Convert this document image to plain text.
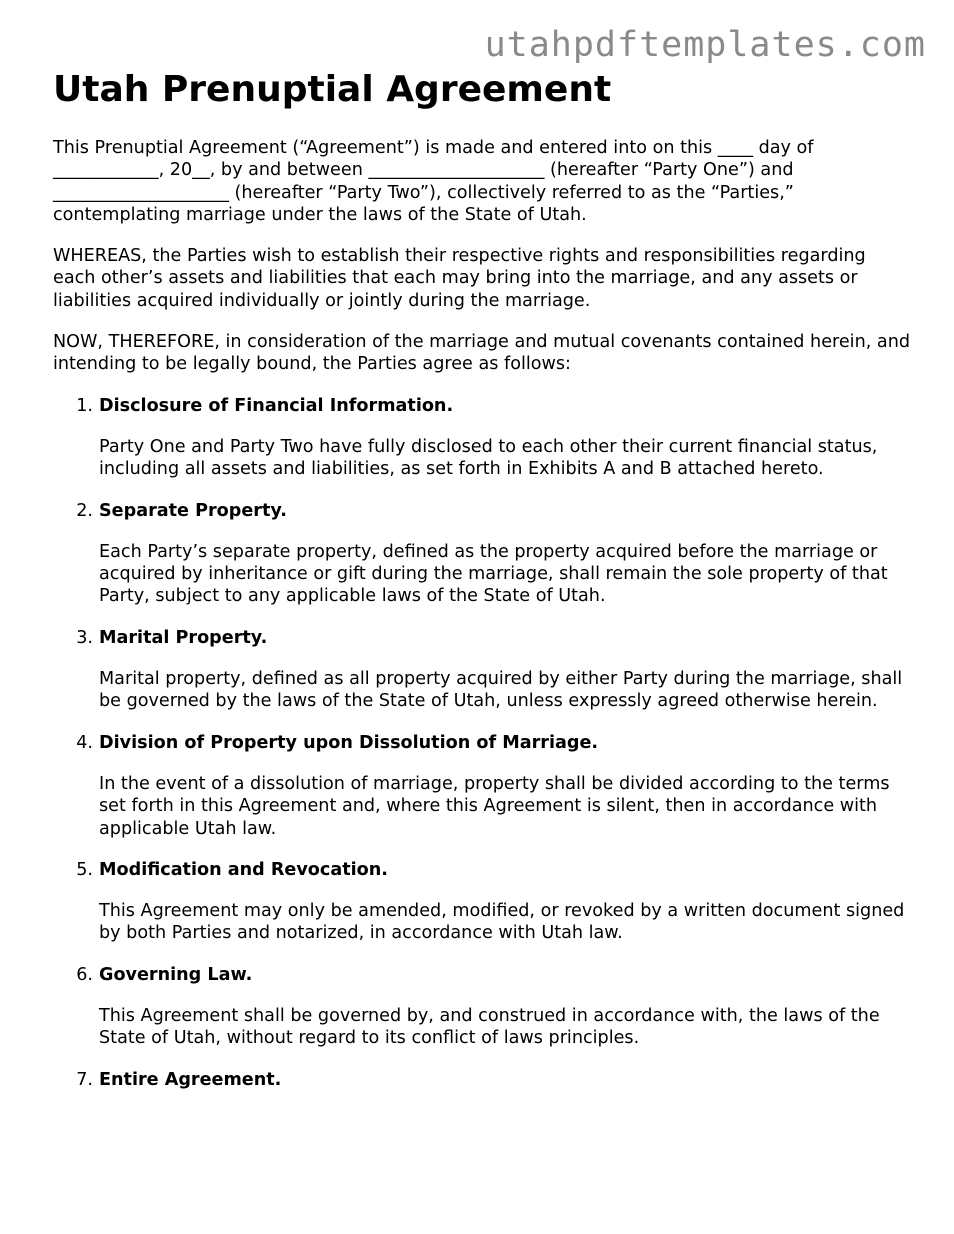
utahpdftemplates.com
Utah Prenuptial Agreement

This Prenuptial Agreement (“Agreement”) is made and entered into on this ____ day of ____________, 20__, by and between ____________________ (hereafter “Party One”) and ____________________ (hereafter “Party Two”), collectively referred to as the “Parties,” contemplating marriage under the laws of the State of Utah.

WHEREAS, the Parties wish to establish their respective rights and responsibilities regarding each other’s assets and liabilities that each may bring into the marriage, and any assets or liabilities acquired individually or jointly during the marriage.

NOW, THEREFORE, in consideration of the marriage and mutual covenants contained herein, and intending to be legally bound, the Parties agree as follows:

1. Disclosure of Financial Information.
Party One and Party Two have fully disclosed to each other their current financial status, including all assets and liabilities, as set forth in Exhibits A and B attached hereto.
2. Separate Property.
Each Party’s separate property, defined as the property acquired before the marriage or acquired by inheritance or gift during the marriage, shall remain the sole property of that Party, subject to any applicable laws of the State of Utah.
3. Marital Property.
Marital property, defined as all property acquired by either Party during the marriage, shall be governed by the laws of the State of Utah, unless expressly agreed otherwise herein.
4. Division of Property upon Dissolution of Marriage.
In the event of a dissolution of marriage, property shall be divided according to the terms set forth in this Agreement and, where this Agreement is silent, then in accordance with applicable Utah law.
5. Modification and Revocation.
This Agreement may only be amended, modified, or revoked by a written document signed by both Parties and notarized, in accordance with Utah law.
6. Governing Law.
This Agreement shall be governed by, and construed in accordance with, the laws of the State of Utah, without regard to its conflict of laws principles.
7. Entire Agreement.
